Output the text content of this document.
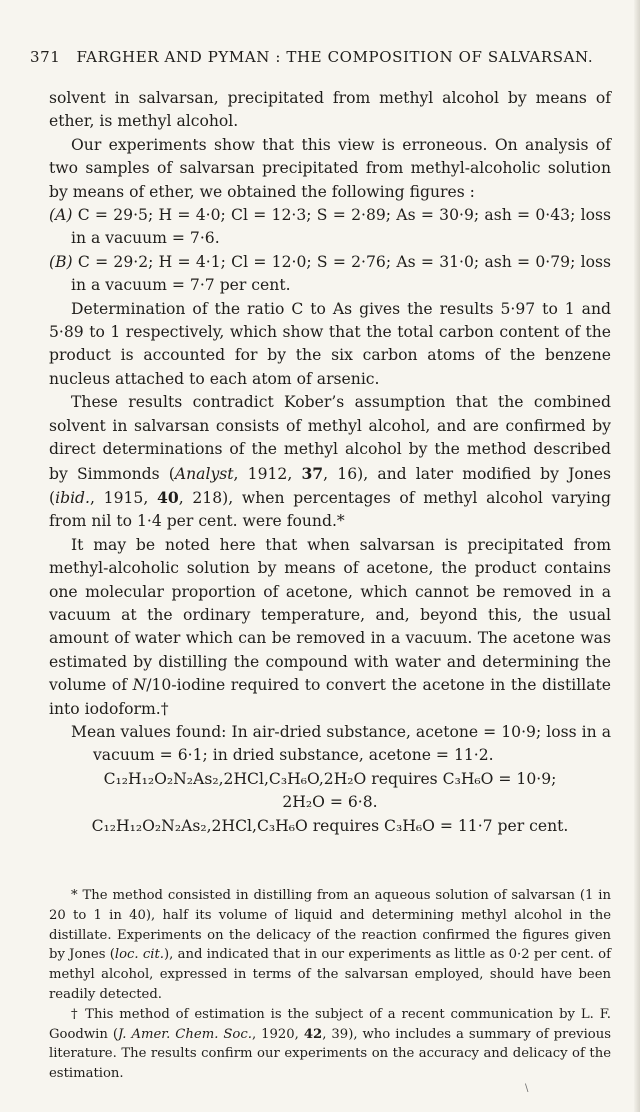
371 FARGHER AND PYMAN : THE COMPOSITION OF SALVARSAN.

solvent in salvarsan, precipitated from methyl alcohol by means of ether, is methyl alcohol.

Our experiments show that this view is erroneous. On analysis of two samples of salvarsan precipitated from methyl-alcoholic solution by means of ether, we obtained the following figures :

(A) C = 29·5; H = 4·0; Cl = 12·3; S = 2·89; As = 30·9; ash = 0·43; loss in a vacuum = 7·6.

(B) C = 29·2; H = 4·1; Cl = 12·0; S = 2·76; As = 31·0; ash = 0·79; loss in a vacuum = 7·7 per cent.

Determination of the ratio C to As gives the results 5·97 to 1 and 5·89 to 1 respectively, which show that the total carbon content of the product is accounted for by the six carbon atoms of the benzene nucleus attached to each atom of arsenic.

These results contradict Kober’s assumption that the combined solvent in salvarsan consists of methyl alcohol, and are confirmed by direct determinations of the methyl alcohol by the method described by Simmonds (Analyst, 1912, 37, 16), and later modified by Jones (ibid., 1915, 40, 218), when percentages of methyl alcohol varying from nil to 1·4 per cent. were found.*

It may be noted here that when salvarsan is precipitated from methyl-alcoholic solution by means of acetone, the product contains one molecular proportion of acetone, which cannot be removed in a vacuum at the ordinary temperature, and, beyond this, the usual amount of water which can be removed in a vacuum. The acetone was estimated by distilling the compound with water and determining the volume of N/10-iodine required to convert the acetone in the distillate into iodoform.†

Mean values found: In air-dried substance, acetone = 10·9; loss in a vacuum = 6·1; in dried substance, acetone = 11·2.

C₁₂H₁₂O₂N₂As₂,2HCl,C₃H₆O,2H₂O requires C₃H₆O = 10·9;

2H₂O = 6·8.

C₁₂H₁₂O₂N₂As₂,2HCl,C₃H₆O requires C₃H₆O = 11·7 per cent.

* The method consisted in distilling from an aqueous solution of salvarsan (1 in 20 to 1 in 40), half its volume of liquid and determining methyl alcohol in the distillate. Experiments on the delicacy of the reaction confirmed the figures given by Jones (loc. cit.), and indicated that in our experiments as little as 0·2 per cent. of methyl alcohol, expressed in terms of the salvarsan employed, should have been readily detected.

† This method of estimation is the subject of a recent communication by L. F. Goodwin (J. Amer. Chem. Soc., 1920, 42, 39), who includes a summary of previous literature. The results confirm our experiments on the accuracy and delicacy of the estimation.

\
